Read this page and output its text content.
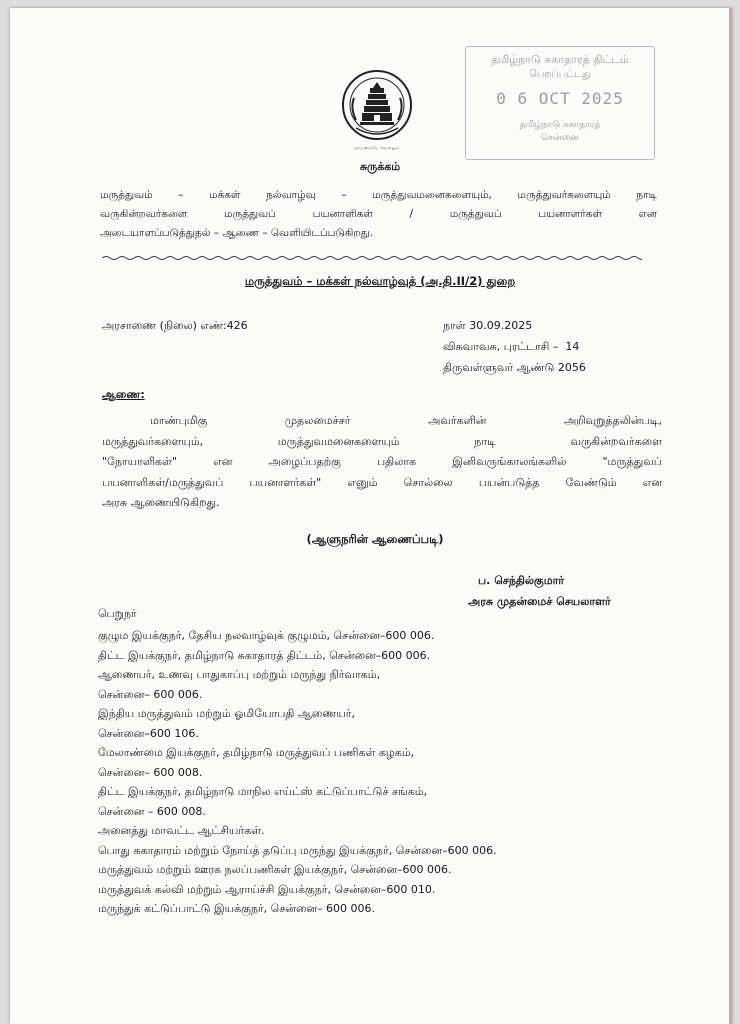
வாய்மையே வெல்லும்
தமிழ்நாடு சுகாதாரத் திட்டம்
பெறப்பட்டது
0 6 OCT 2025
தமிழ்நாடு சுகாதாரத்
சென்னை
சுருக்கம்
மருத்துவம் – மக்கள் நல்வாழ்வு – மருத்துவமனைகளையும், மருத்துவர்களையும் நாடி
வருகின்றவர்களை மருத்துவப் பயனாளிகள் / மருத்துவப் பயனாளர்கள் என
அடையாளப்படுத்துதல் – ஆணை – வெளியிடப்படுகிறது.
மருத்துவம் – மக்கள் நல்வாழ்வுத் (அ.தி.II/2) துறை
அரசாணை (நிலை) எண்:426	நாள் 30.09.2025
விசுவாவசு, புரட்டாசி –  14
திருவள்ளுவர் ஆண்டு 2056
ஆணை:
மாண்புமிகு முதலமைச்சர் அவர்களின் அறிவுறுத்தலின்படி,
மருத்துவர்களையும், மருத்துவமனைகளையும் நாடி வருகின்றவர்களை
"நோயாளிகள்" என அழைப்பதற்கு பதிலாக இனிவருங்காலங்களில் "மருத்துவப்
பயனாளிகள்/மருத்துவப் பயனாளர்கள்" எனும் சொல்லை பயன்படுத்த வேண்டும் என
அரசு ஆணையிடுகிறது.
(ஆளுநரின் ஆணைப்படி)
ப. செந்தில்குமார்
அரசு முதன்மைச் செயலாளர்
பெறுநர்
குழும இயக்குநர், தேசிய நலவாழ்வுக் குழுமம், சென்னை–600 006.
திட்ட இயக்குநர், தமிழ்நாடு சுகாதாரத் திட்டம், சென்னை–600 006.
ஆணையர், உணவு பாதுகாப்பு மற்றும் மருந்து நிர்வாகம்,
சென்னை– 600 006.
இந்திய மருத்துவம் மற்றும் ஓமியோபதி ஆணையர்,
சென்னை–600 106.
மேலாண்மை இயக்குநர், தமிழ்நாடு மருத்துவப் பணிகள் கழகம்,
சென்னை– 600 008.
திட்ட இயக்குநர், தமிழ்நாடு மாநில எய்ட்ஸ் கட்டுப்பாட்டுச் சங்கம்,
சென்னை – 600 008.
அனைத்து மாவட்ட ஆட்சியர்கள்.
பொது சுகாதாரம் மற்றும் நோய்த் தடுப்பு மருந்து இயக்குநர், சென்னை–600 006.
மருத்துவம் மற்றும் ஊரக நலப்பணிகள் இயக்குநர், சென்னை–600 006.
மருத்துவக் கல்வி மற்றும் ஆராய்ச்சி இயக்குநர், சென்னை–600 010.
மருந்துக் கட்டுப்பாட்டு இயக்குநர், சென்னை– 600 006.
